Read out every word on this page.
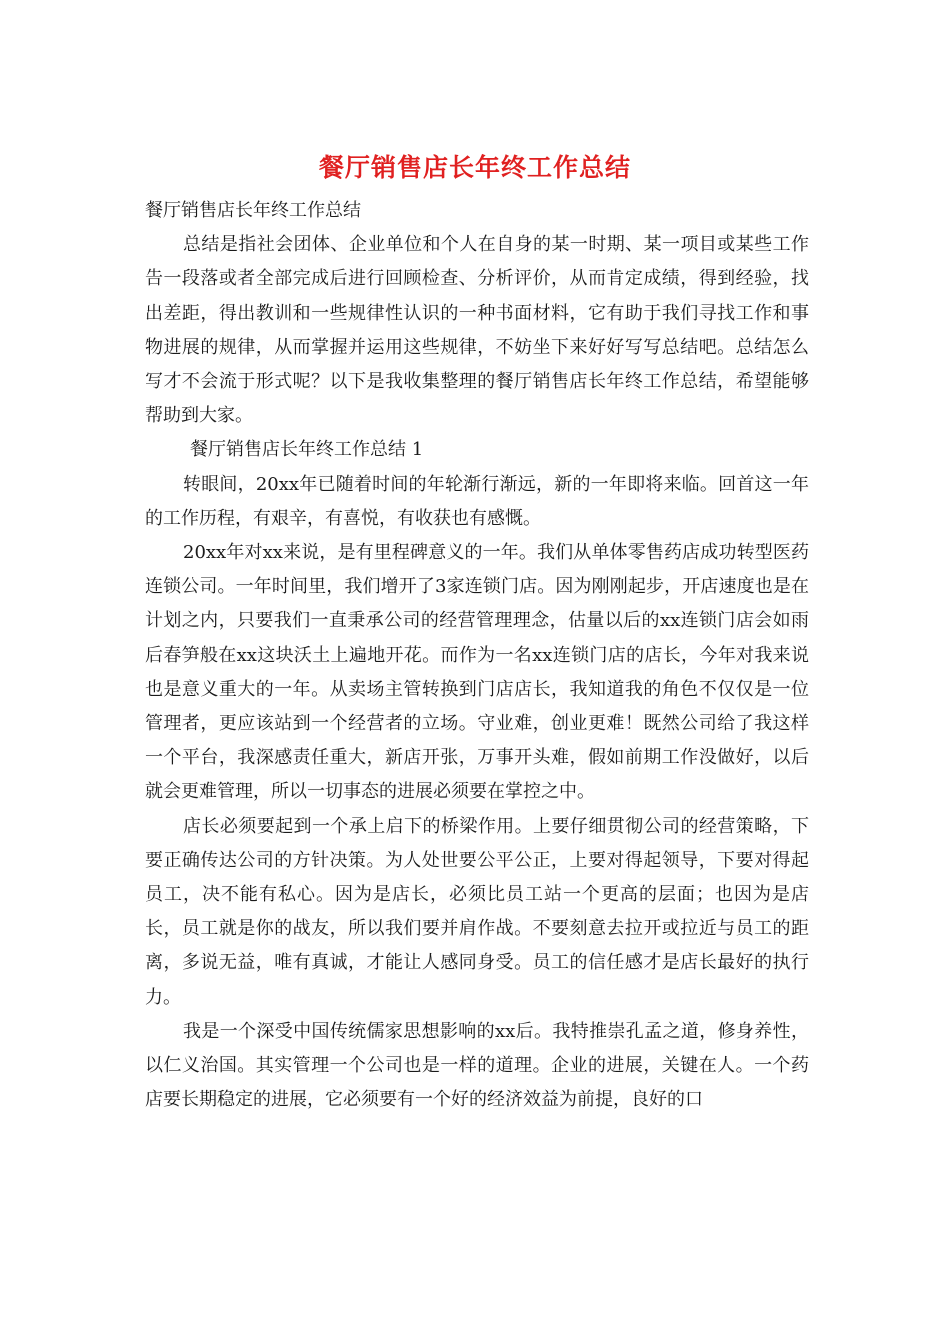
餐厅销售店长年终工作总结

餐厅销售店长年终工作总结

总结是指社会团体、企业单位和个人在自身的某一时期、某一项目或某些工作告一段落或者全部完成后进行回顾检查、分析评价，从而肯定成绩，得到经验，找出差距，得出教训和一些规律性认识的一种书面材料，它有助于我们寻找工作和事物进展的规律，从而掌握并运用这些规律，不妨坐下来好好写写总结吧。总结怎么写才不会流于形式呢？以下是我收集整理的餐厅销售店长年终工作总结，希望能够帮助到大家。

餐厅销售店长年终工作总结 1

转眼间，20xx年已随着时间的年轮渐行渐远，新的一年即将来临。回首这一年的工作历程，有艰辛，有喜悦，有收获也有感慨。

20xx年对xx来说，是有里程碑意义的一年。我们从单体零售药店成功转型医药连锁公司。一年时间里，我们增开了3家连锁门店。因为刚刚起步，开店速度也是在计划之内，只要我们一直秉承公司的经营管理理念，估量以后的xx连锁门店会如雨后春笋般在xx这块沃土上遍地开花。而作为一名xx连锁门店的店长，今年对我来说也是意义重大的一年。从卖场主管转换到门店店长，我知道我的角色不仅仅是一位管理者，更应该站到一个经营者的立场。守业难，创业更难！既然公司给了我这样一个平台，我深感责任重大，新店开张，万事开头难，假如前期工作没做好，以后就会更难管理，所以一切事态的进展必须要在掌控之中。

店长必须要起到一个承上启下的桥梁作用。上要仔细贯彻公司的经营策略，下要正确传达公司的方针决策。为人处世要公平公正，上要对得起领导，下要对得起员工，决不能有私心。因为是店长，必须比员工站一个更高的层面；也因为是店长，员工就是你的战友，所以我们要并肩作战。不要刻意去拉开或拉近与员工的距离，多说无益，唯有真诚，才能让人感同身受。员工的信任感才是店长最好的执行力。

我是一个深受中国传统儒家思想影响的xx后。我特推崇孔孟之道，修身养性，以仁义治国。其实管理一个公司也是一样的道理。企业的进展，关键在人。一个药店要长期稳定的进展，它必须要有一个好的经济效益为前提，良好的口
